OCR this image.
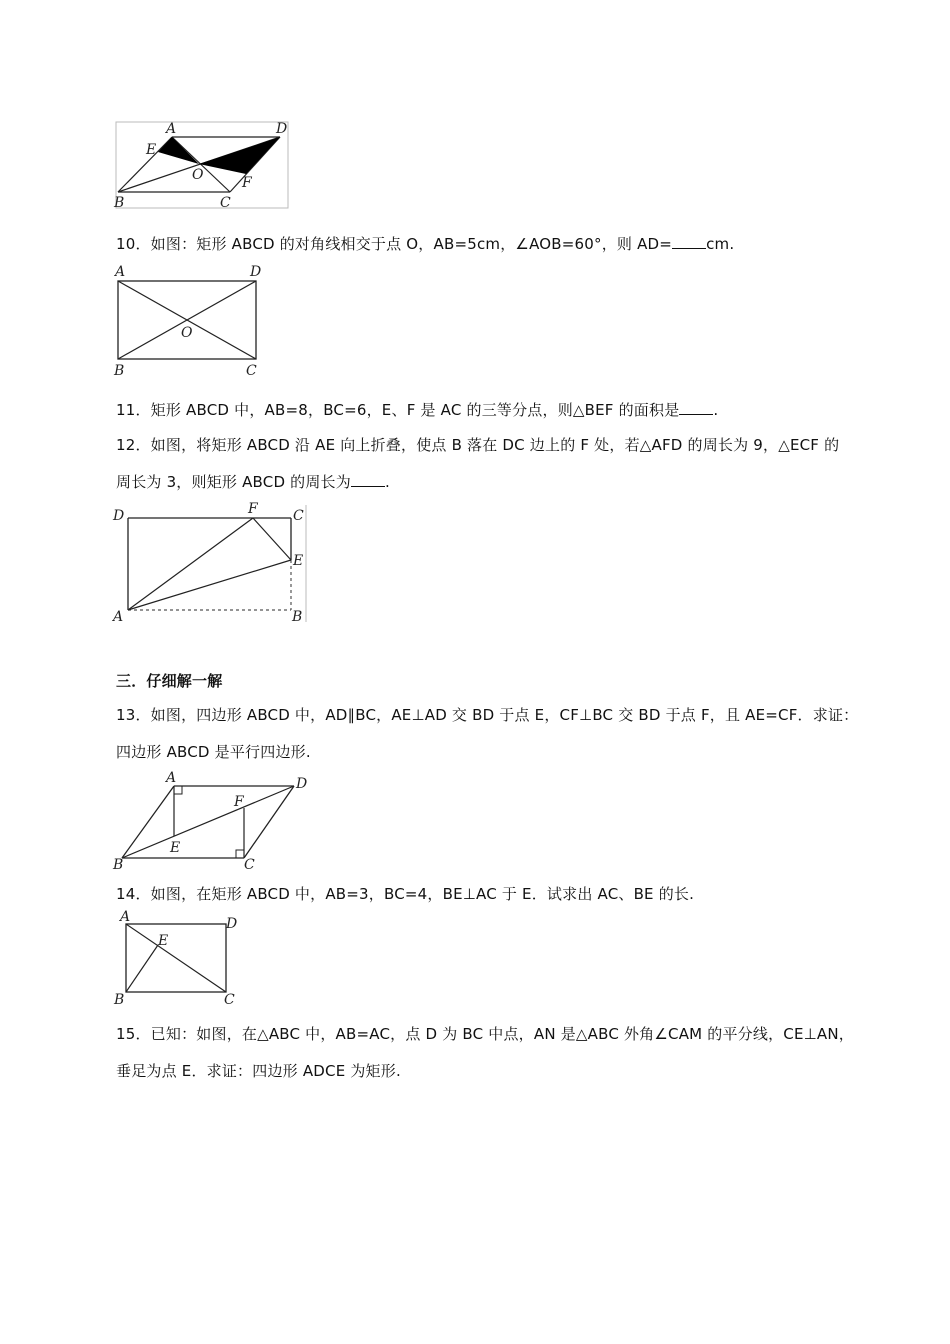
A	D
E
O	F
B	C
10．如图：矩形 ABCD 的对角线相交于点 O，AB=5cm，∠AOB=60°，则 AD= cm.
A	D
O
B	C
11．矩形 ABCD 中，AB=8，BC=6，E、F 是 AC 的三等分点，则△BEF 的面积是 .
12．如图，将矩形 ABCD 沿 AE 向上折叠，使点 B 落在 DC 边上的 F 处，若△AFD 的周长为 9，△ECF 的
周长为 3，则矩形 ABCD 的周长为 .
D	F	C
E
A	B
三．仔细解一解
13．如图，四边形 ABCD 中，AD∥BC，AE⊥AD 交 BD 于点 E，CF⊥BC 交 BD 于点 F，且 AE=CF．求证：
四边形 ABCD 是平行四边形.
A	D
F
E
B	C
14．如图，在矩形 ABCD 中，AB=3，BC=4，BE⊥AC 于 E．试求出 AC、BE 的长.
A	D
E
B	C
15．已知：如图，在△ABC 中，AB=AC，点 D 为 BC 中点，AN 是△ABC 外角∠CAM 的平分线，CE⊥AN，
垂足为点 E．求证：四边形 ADCE 为矩形.
